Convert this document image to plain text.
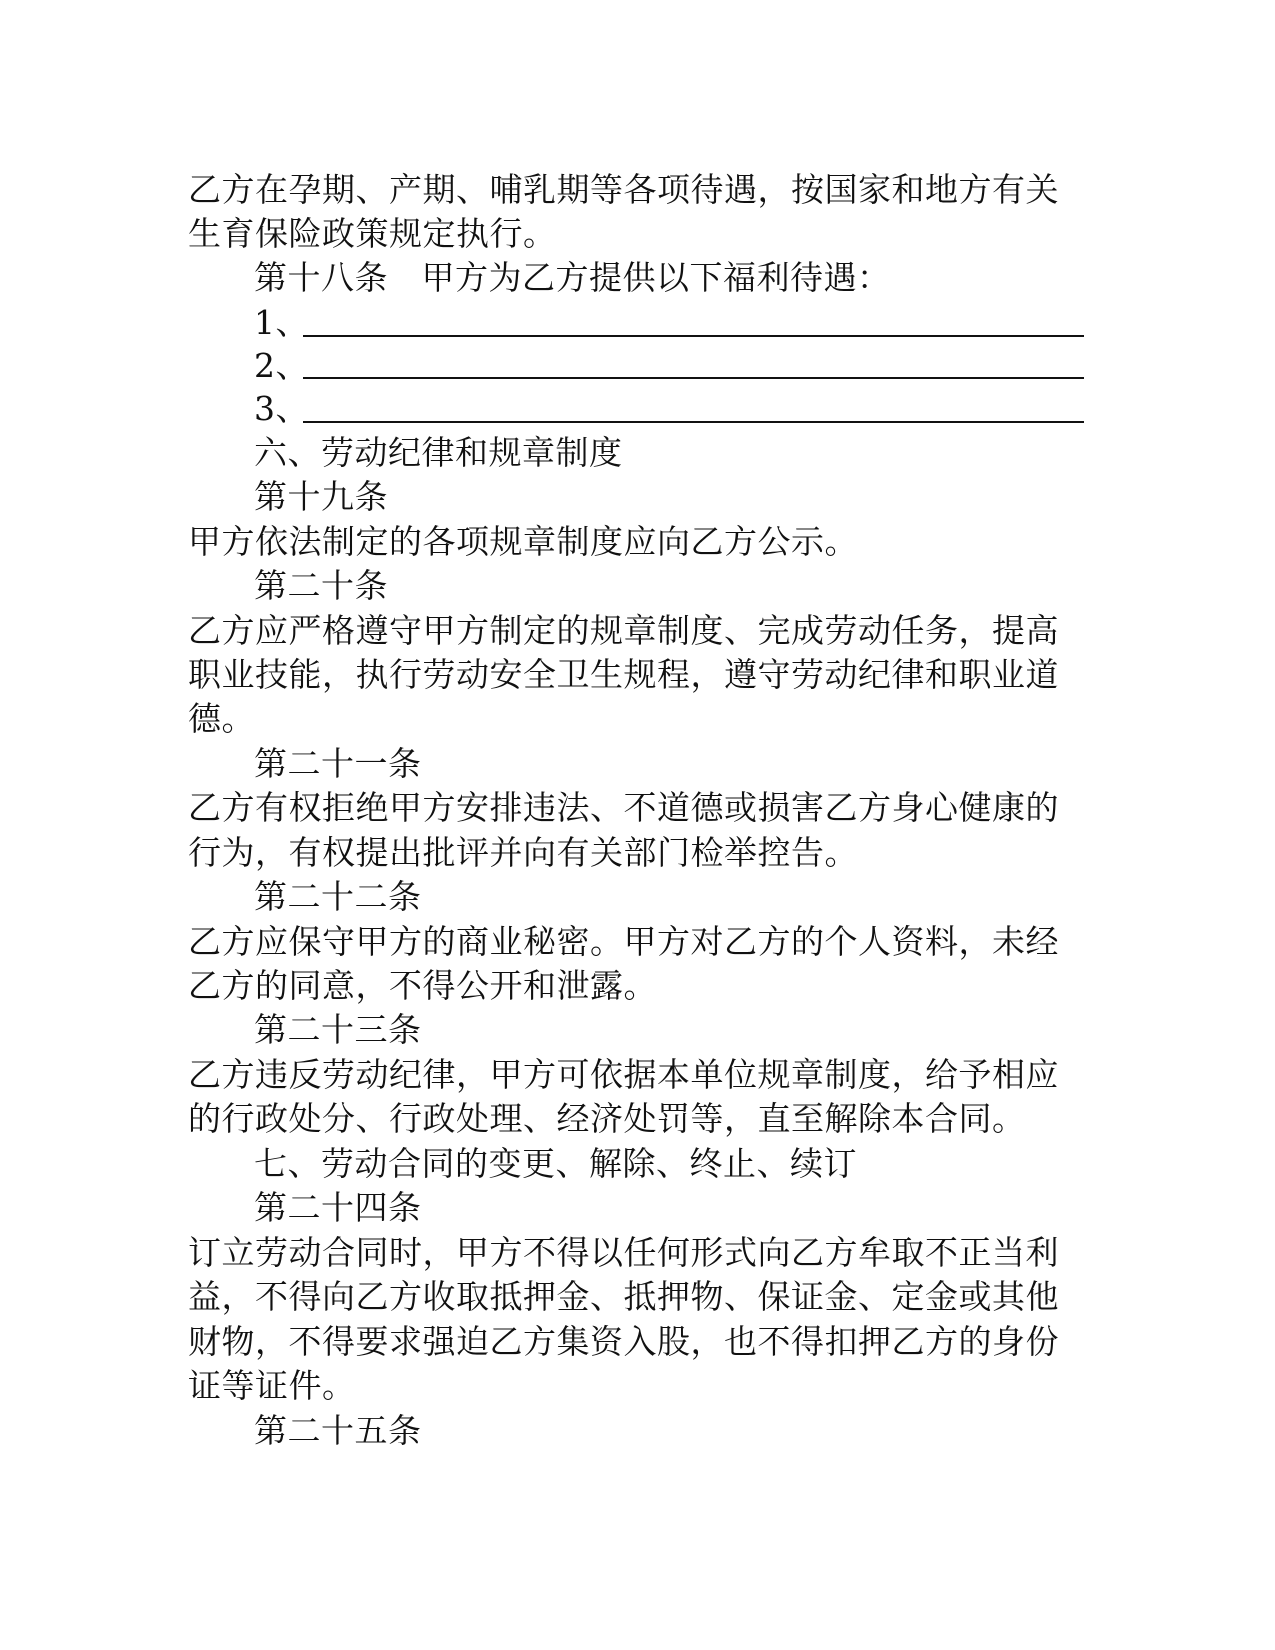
乙方在孕期、产期、哺乳期等各项待遇，按国家和地方有关
生育保险政策规定执行。
第十八条　甲方为乙方提供以下福利待遇：
1、
2、
3、
六、劳动纪律和规章制度
第十九条
甲方依法制定的各项规章制度应向乙方公示。
第二十条
乙方应严格遵守甲方制定的规章制度、完成劳动任务，提高
职业技能，执行劳动安全卫生规程，遵守劳动纪律和职业道
德。
第二十一条
乙方有权拒绝甲方安排违法、不道德或损害乙方身心健康的
行为，有权提出批评并向有关部门检举控告。
第二十二条
乙方应保守甲方的商业秘密。甲方对乙方的个人资料，未经
乙方的同意，不得公开和泄露。
第二十三条
乙方违反劳动纪律，甲方可依据本单位规章制度，给予相应
的行政处分、行政处理、经济处罚等，直至解除本合同。
七、劳动合同的变更、解除、终止、续订
第二十四条
订立劳动合同时，甲方不得以任何形式向乙方牟取不正当利
益，不得向乙方收取抵押金、抵押物、保证金、定金或其他
财物，不得要求强迫乙方集资入股，也不得扣押乙方的身份
证等证件。
第二十五条
